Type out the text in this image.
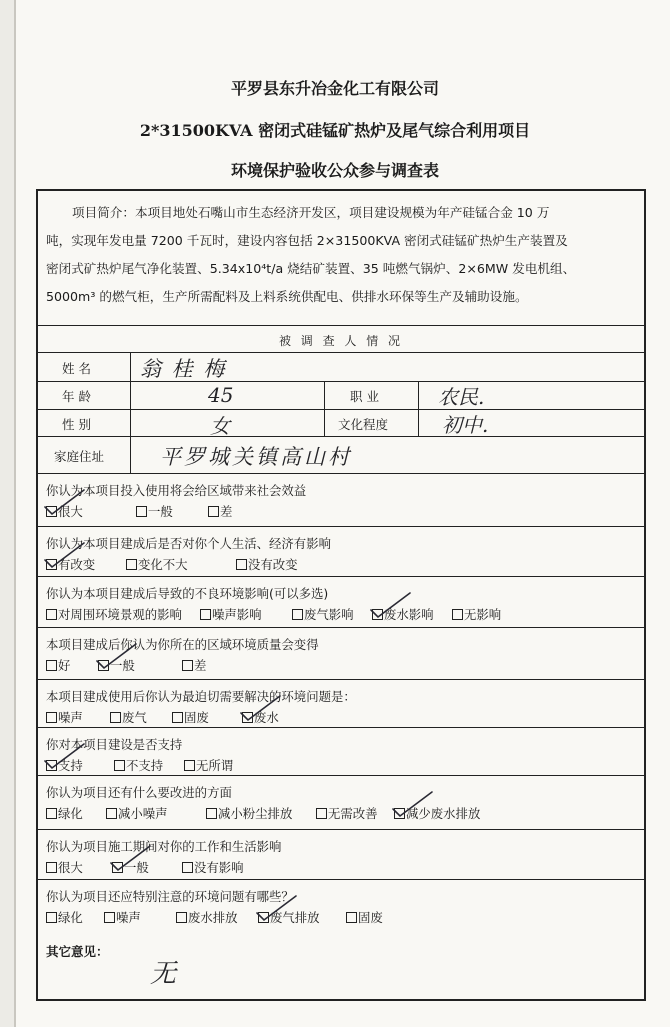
平罗县东升冶金化工有限公司
2*31500KVA 密闭式硅锰矿热炉及尾气综合利用项目
环境保护验收公众参与调查表

项目简介：本项目地处石嘴山市生态经济开发区，项目建设规模为年产硅锰合金 10 万

吨，实现年发电量 7200 千瓦时，建设内容包括 2×31500KVA 密闭式硅锰矿热炉生产装置及

密闭式矿热炉尾气净化装置、5.34x10⁴t/a 烧结矿装置、35 吨燃气锅炉、2×6MW 发电机组、

5000m³ 的燃气柜，生产所需配料及上料系统供配电、供排水环保等生产及辅助设施。

被 调 查 人 情 况
姓 名 翁 桂 梅
年 龄	45	职 业	农民.
性 别	女	文化程度	初中.
家庭住址	平罗城关镇高山村
其它意见：
无
你认为本项目投入使用将会给区域带来社会效益
很大	一般	差
你认为本项目建成后是否对你个人生活、经济有影响
有改变	变化不大	没有改变
你认为本项目建成后导致的不良环境影响(可以多选)
对周围环境景观的影响	噪声影响	废气影响	废水影响	无影响
本项目建成后你认为你所在的区域环境质量会变得
好	一般	差
本项目建成使用后你认为最迫切需要解决的环境问题是：
噪声	废气	固废	废水
你对本项目建设是否支持
支持	不支持	无所谓
你认为项目还有什么要改进的方面
绿化	减小噪声	减小粉尘排放	无需改善	减少废水排放
你认为项目施工期间对你的工作和生活影响
很大	一般	没有影响
你认为项目还应特别注意的环境问题有哪些？
绿化	噪声	废水排放	废气排放	固废
